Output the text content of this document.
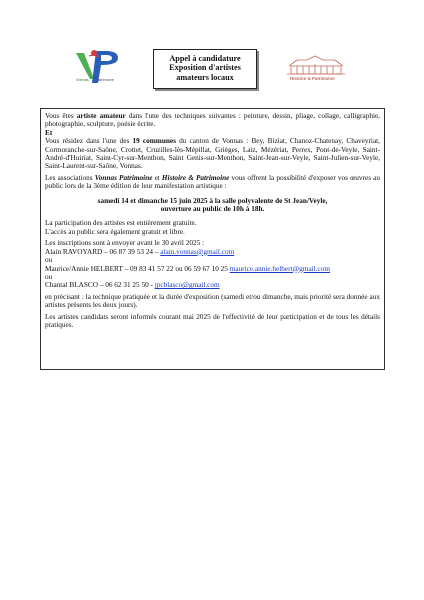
Vonnas Patrimoine
Appel à candidature
Exposition d'artistes
amateurs locaux	Histoire & Patrimoine

Vous êtes artiste amateur dans l'une des techniques suivantes : peinture, dessin, pliage, collage, calligraphie, photographie, sculpture, poésie écrite.

Et

Vous résidez dans l'une des 19 communes du canton de Vonnas : Bey, Biziat, Chanoz-Chatenay, Chaveyriat, Cormoranche-sur-Saône, Crottet, Cruzilles-lès-Mépillat, Grièges, Laiz, Mézériat, Perrex, Pont-de-Veyle, Saint-André-d'Huiriat, Saint-Cyr-sur-Menthon, Saint Genis-sur-Menthon, Saint-Jean-sur-Veyle, Saint-Julien-sur-Veyle, Saint-Laurent-sur-Saône, Vonnas.

Les associations Vonnas Patrimoine et Histoire & Patrimoine vous offrent la possibilité d'exposer vos œuvres au public lors de la 3ème édition de leur manifestation artistique :

samedi 14 et dimanche 15 juin 2025 à la salle polyvalente de St Jean/Veyle,

ouverture au public de 10h à 18h.

La participation des artistes est entièrement gratuite.

L'accès au public sera également gratuit et libre.

Les inscriptions sont à envoyer avant le 30 avril 2025 :

Alain RAVOYARD – 06 87 39 53 24 – alain.vonnas@gmail.com

ou

Maurice/Annie HELBERT – 09 83 41 57 22 ou 06 59 67 10 25 maurice.annie.helbert@gmail.com

ou

Chantal BLASCO – 06 62 31 25 50 - jpcblasco@gmail.com

en précisant : la technique pratiquée et la durée d'exposition (samedi et/ou dimanche, mais priorité sera donnée aux artistes présents les deux jours).

Les artistes candidats seront informés courant mai 2025 de l'effectivité de leur participation et de tous les détails pratiques.
